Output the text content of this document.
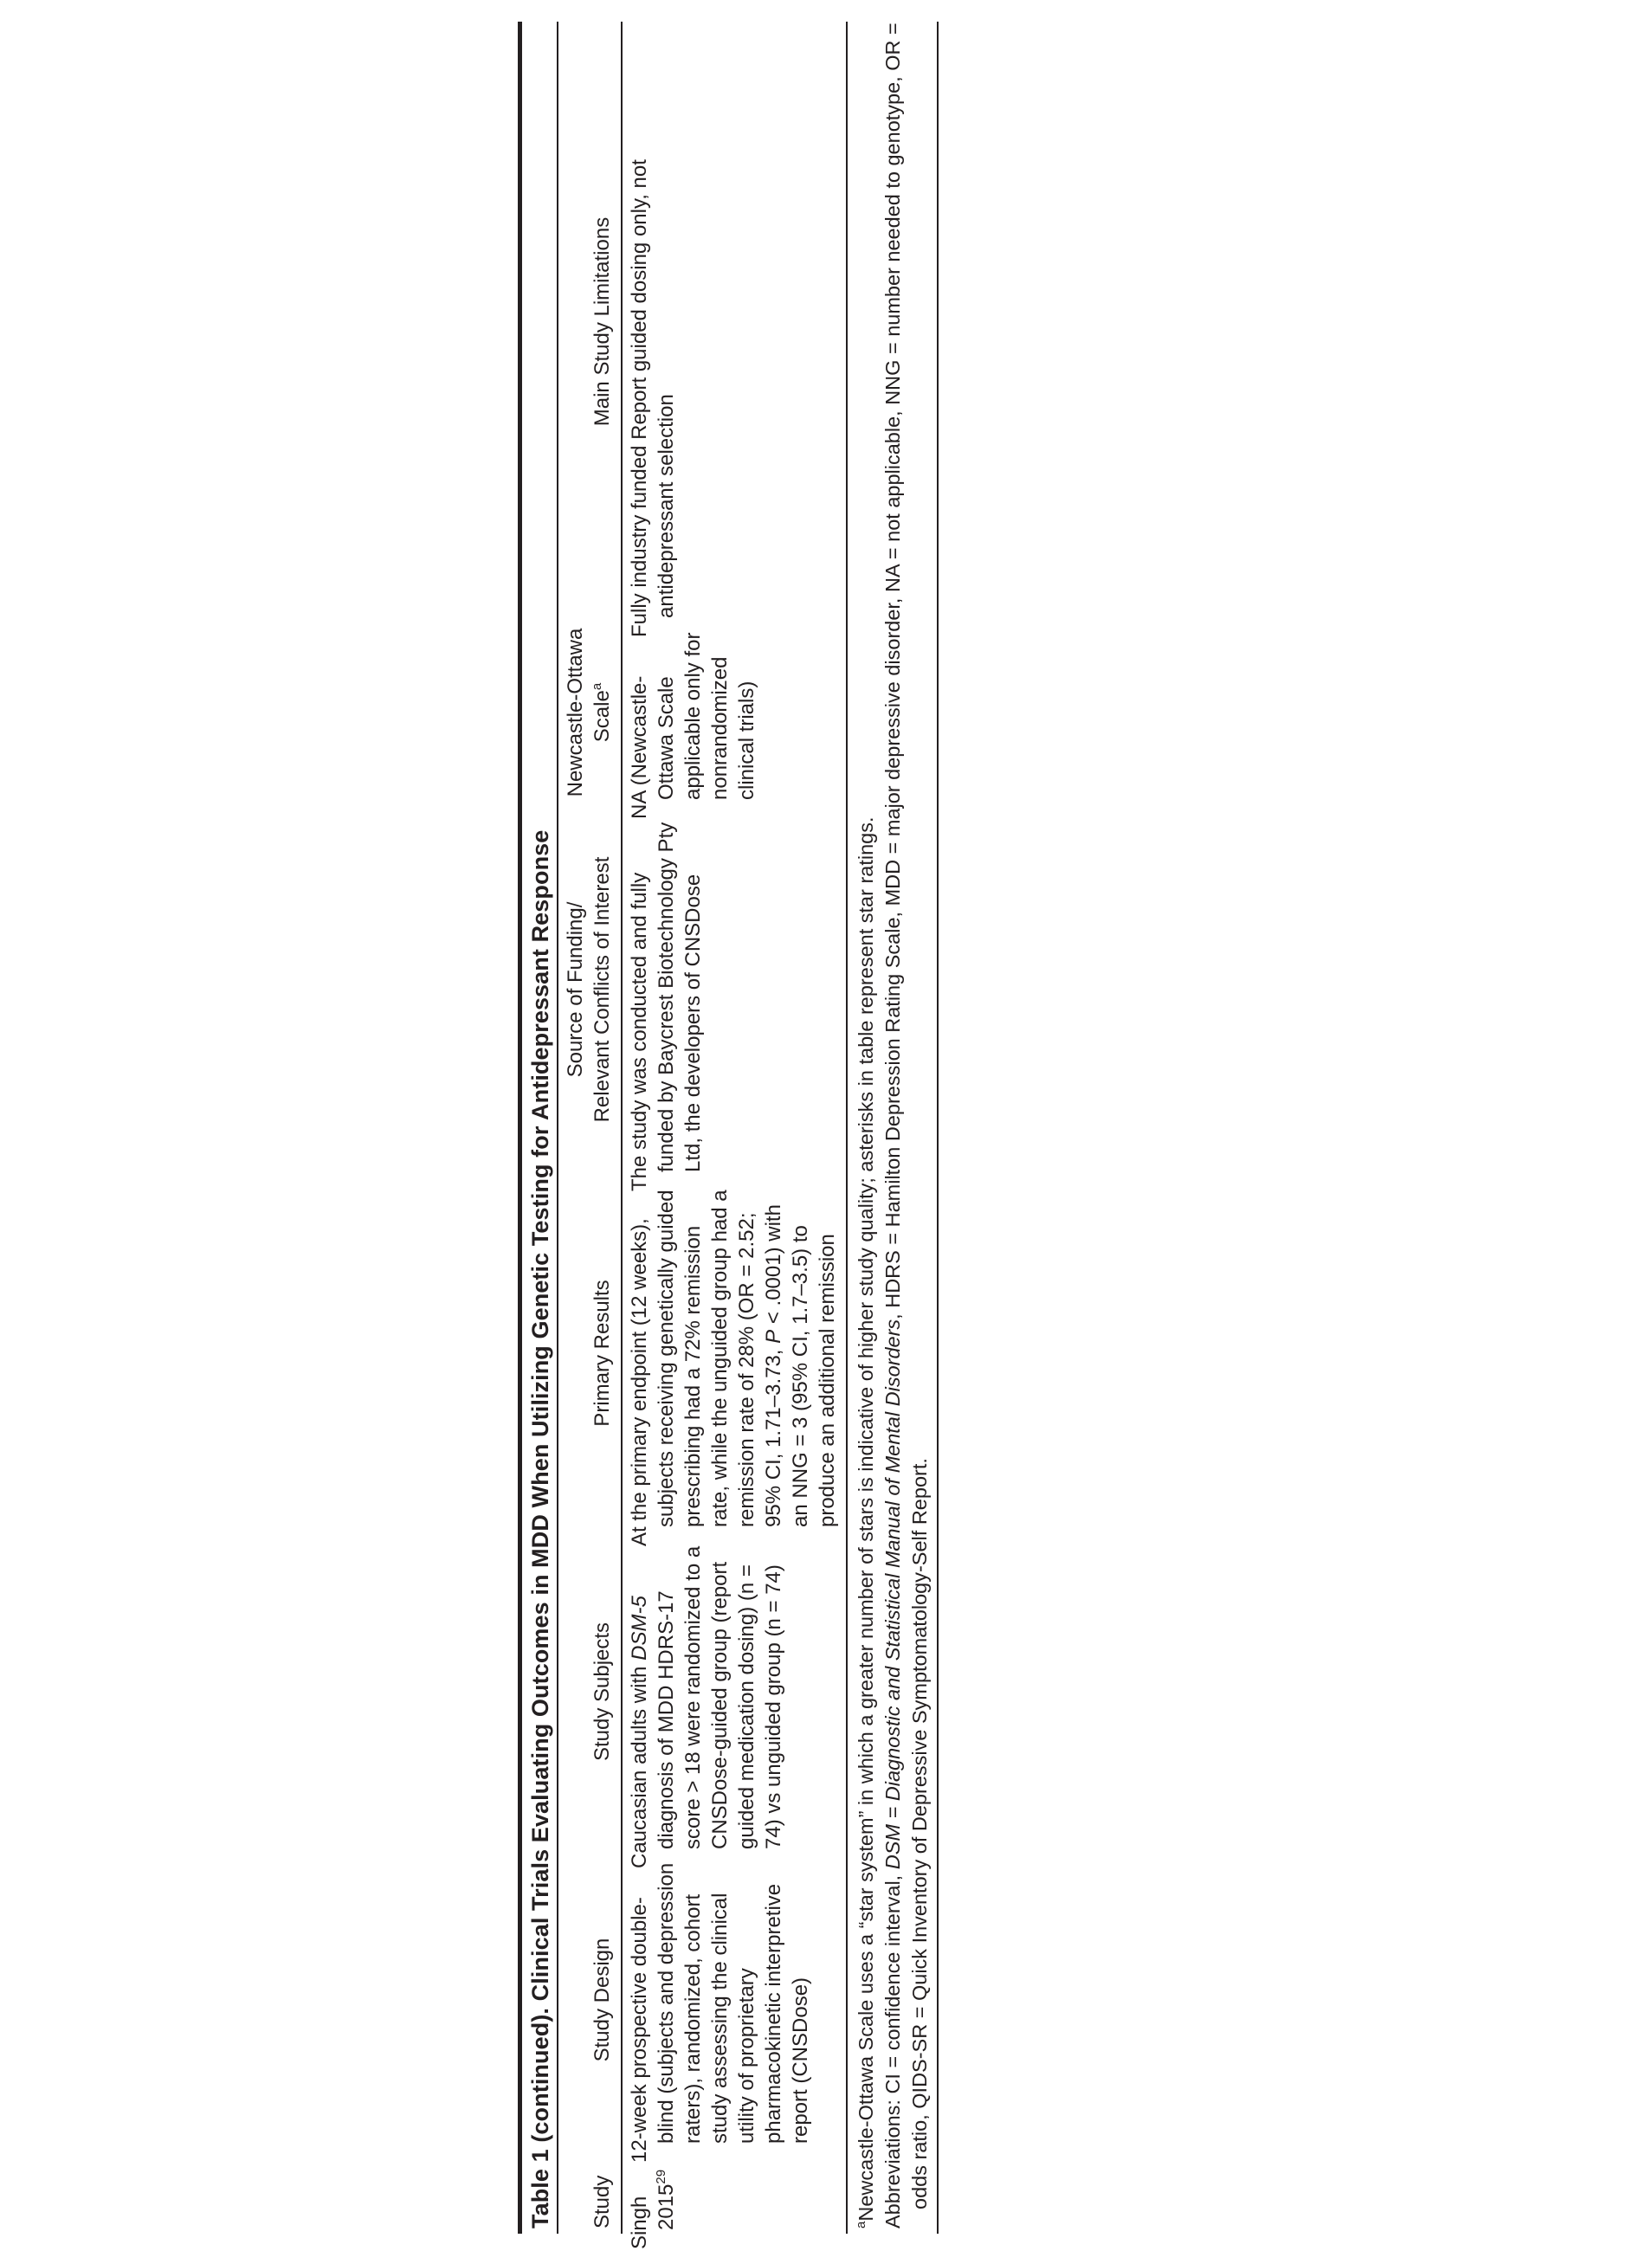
Table 1 (continued). Clinical Trials Evaluating Outcomes in MDD When Utilizing Genetic Testing for Antidepressant Response Study	Study Design	Study Subjects	Primary Results	Source of Funding/ Relevant Conflicts of Interest	Newcastle-Ottawa Scale$^a$	Main Study Limitations
Singh 2015$^{29}$	12-week prospective double-blind (subjects and depression raters), randomized, cohort study assessing the clinical utility of proprietary pharmacokinetic interpretive report (CNSDose)	Caucasian adults with DSM-5 diagnosis of MDD HDRS-17 score > 18 were randomized to a CNSDose-guided group (report guided medication dosing) (n = 74) vs unguided group (n = 74)	At the primary endpoint (12 weeks), subjects receiving genetically guided prescribing had a 72% remission rate, while the unguided group had a remission rate of 28% (OR = 2.52; 95% CI, 1.71–3.73, P < .0001) with an NNG = 3 (95% CI, 1.7–3.5) to produce an additional remission	The study was conducted and fully funded by Baycrest Biotechnology Pty Ltd, the developers of CNSDose	NA (Newcastle-Ottawa Scale applicable only for nonrandomized clinical trials)	Fully industry funded Report guided dosing only, not antidepressant selection

$^a$Newcastle-Ottawa Scale uses a “star system” in which a greater number of stars is indicative of higher study quality; asterisks in table represent star ratings. Abbreviations: CI = confidence interval, DSM = Diagnostic and Statistical Manual of Mental Disorders, HDRS = Hamilton Depression Rating Scale, MDD = major depressive disorder, NA = not applicable, NNG = number needed to genotype, OR = odds ratio, QIDS-SR = Quick Inventory of Depressive Symptomatology-Self Report.
